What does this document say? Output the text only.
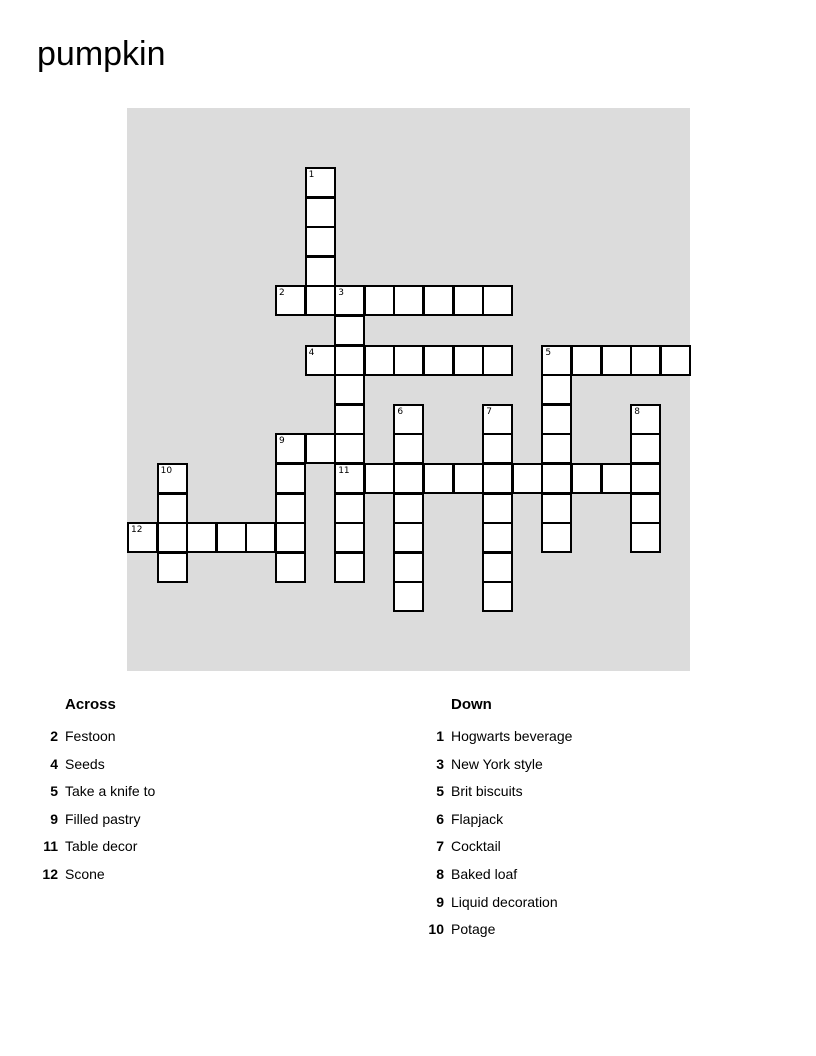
pumpkin
1
2	3
4	5
6	7	8
9
10	11
12
Across
2 Festoon
4 Seeds
5 Take a knife to
9 Filled pastry
11 Table decor
12 Scone
Down
1 Hogwarts beverage
3 New York style
5 Brit biscuits
6 Flapjack
7 Cocktail
8 Baked loaf
9 Liquid decoration
10 Potage
